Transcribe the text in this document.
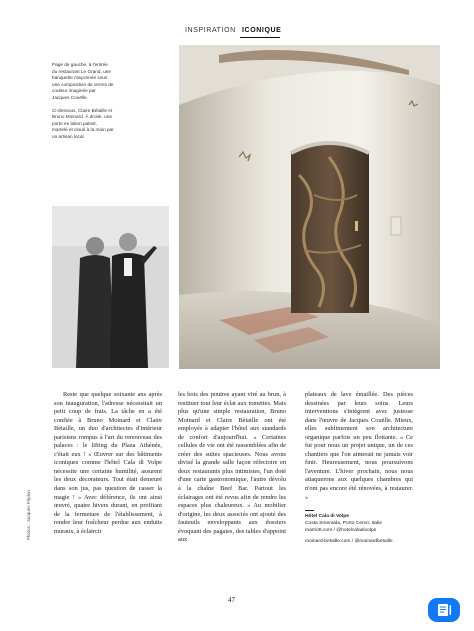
INSPIRATION ICONIQUE

Page de gauche, à l'entrée du restaurant Le Grand, une banquette maçonnée sous une composition de verres de couleur imaginée par Jacques Couëlle.

Ci-dessous, Claire Bétaille et Bruno Moinard. À droite, une porte en laiton patiné, martelé et cloué à la main par un artisan local.

Photos : Jacques Pépion

Reste que quelque soixante ans après son inauguration, l'adresse nécessitait un petit coup de frais. La tâche en a été confiée à Bruno Moinard et Claire Bétaille, un duo d'architectes d'intérieur parisiens rompus à l'art du renouveau des palaces : le lifting du Plaza Athénée, c'était eux ! « Œuvrer sur des bâtiments iconiques comme l'hôtel Cala di Volpe nécessite une certaine humilité, assurent les deux décorateurs. Tout était demeuré dans son jus, pas question de casser la magie ! » Avec déférence, ils ont ainsi œuvré, quatre hivers durant, en profitant de la fermeture de l'établissement, à rendre leur fraîcheur perdue aux enduits muraux, à éclaircir

les bois des poutres ayant viré au brun, à restituer tout leur éclat aux tomettes. Mais plus qu'une simple restauration, Bruno Moinard et Claire Bétaille ont été employés à adapter l'hôtel aux standards de confort d'aujourd'hui. « Certaines cellules de vie ont été rassemblées afin de créer des suites spacieuses. Nous avons divisé la grande salle façon réfectoire en deux restaurants plus intimistes, l'un doté d'une carte gastronomique, l'autre dévolu à la chaîne Beef Bar. Partout les éclairages ont été revus afin de rendre les espaces plus chaleureux. » Au mobilier d'origine, les deux associés ont ajouté des fauteuils enveloppants aux dossiers évoquant des pagaies, des tables d'appoint aux

plateaux de lave émaillée. Des pièces dessinées par leurs soins. Leurs interventions s'intègrent avec justesse dans l'œuvre de Jacques Couëlle. Mieux, elles sublimentent son architecture organique parfois un peu flottante. « Ce fut pour nous un projet unique, un de ces chantiers que l'on aimerait ne jamais voir finir. Heureusement, nous poursuivons l'aventure. L'hiver prochain, nous nous attaquerons aux quelques chambres qui n'ont pas encore été rénovées, à restaurer. »

Hôtel Cala di Volpe
Costa Smeralda, Porto Cervo, Italie
marriott.com / @hotelcaladivolpe
moinard-betaille.com / @moinardbetaille
47
